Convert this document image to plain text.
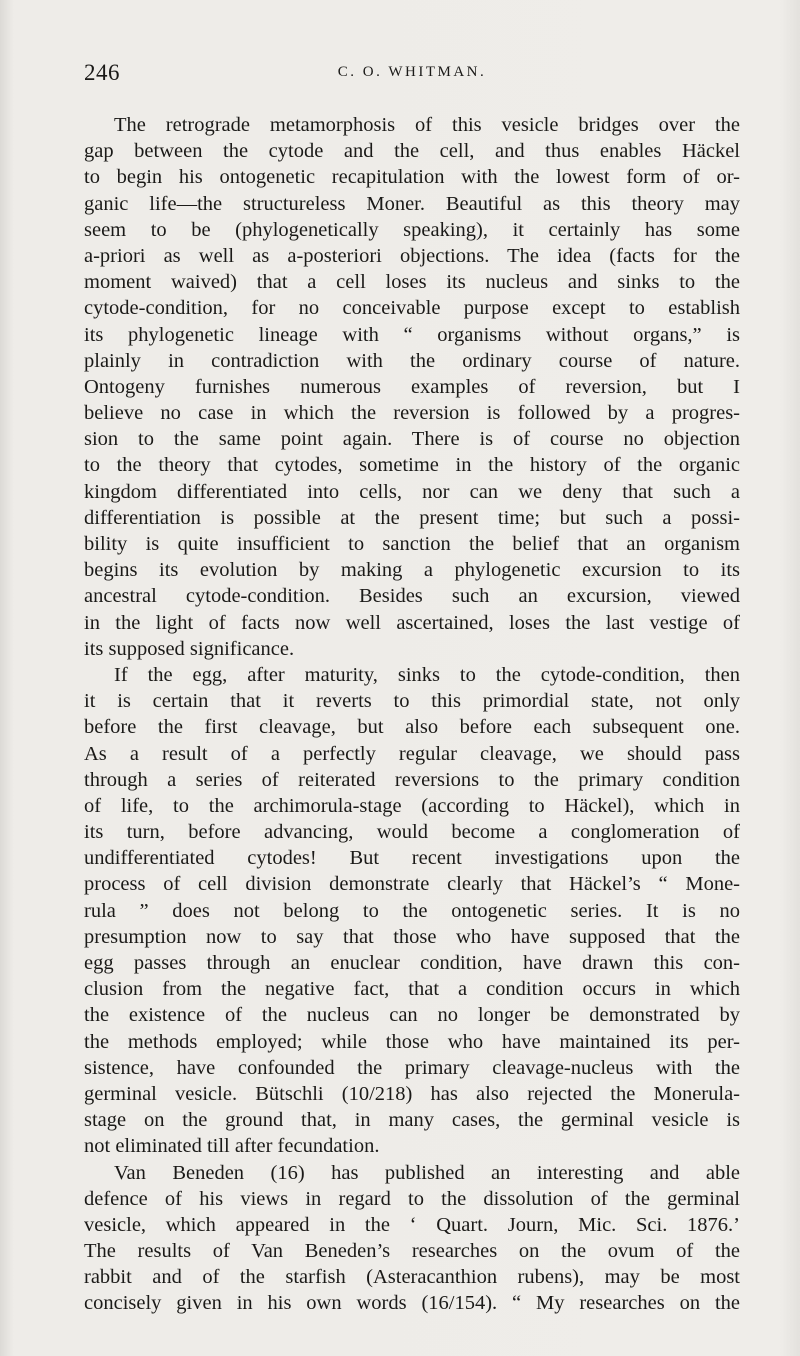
246	C. O. WHITMAN.
The retrograde metamorphosis of this vesicle bridges over the
gap between the cytode and the cell, and thus enables Häckel
to begin his ontogenetic recapitulation with the lowest form of or-
ganic life—the structureless Moner. Beautiful as this theory may
seem to be (phylogenetically speaking), it certainly has some
a-priori as well as a-posteriori objections. The idea (facts for the
moment waived) that a cell loses its nucleus and sinks to the
cytode-condition, for no conceivable purpose except to establish
its phylogenetic lineage with “ organisms without organs,” is
plainly in contradiction with the ordinary course of nature.
Ontogeny furnishes numerous examples of reversion, but I
believe no case in which the reversion is followed by a progres-
sion to the same point again. There is of course no objection
to the theory that cytodes, sometime in the history of the organic
kingdom differentiated into cells, nor can we deny that such a
differentiation is possible at the present time; but such a possi-
bility is quite insufficient to sanction the belief that an organism
begins its evolution by making a phylogenetic excursion to its
ancestral cytode-condition. Besides such an excursion, viewed
in the light of facts now well ascertained, loses the last vestige of
its supposed significance.
If the egg, after maturity, sinks to the cytode-condition, then
it is certain that it reverts to this primordial state, not only
before the first cleavage, but also before each subsequent one.
As a result of a perfectly regular cleavage, we should pass
through a series of reiterated reversions to the primary condition
of life, to the archimorula-stage (according to Häckel), which in
its turn, before advancing, would become a conglomeration of
undifferentiated cytodes! But recent investigations upon the
process of cell division demonstrate clearly that Häckel’s “ Mone-
rula ” does not belong to the ontogenetic series. It is no
presumption now to say that those who have supposed that the
egg passes through an enuclear condition, have drawn this con-
clusion from the negative fact, that a condition occurs in which
the existence of the nucleus can no longer be demonstrated by
the methods employed; while those who have maintained its per-
sistence, have confounded the primary cleavage-nucleus with the
germinal vesicle. Bütschli (10/218) has also rejected the Monerula-
stage on the ground that, in many cases, the germinal vesicle is
not eliminated till after fecundation.
Van Beneden (16) has published an interesting and able
defence of his views in regard to the dissolution of the germinal
vesicle, which appeared in the ‘ Quart. Journ, Mic. Sci. 1876.’
The results of Van Beneden’s researches on the ovum of the
rabbit and of the starfish (Asteracanthion rubens), may be most
concisely given in his own words (16/154). “ My researches on the
